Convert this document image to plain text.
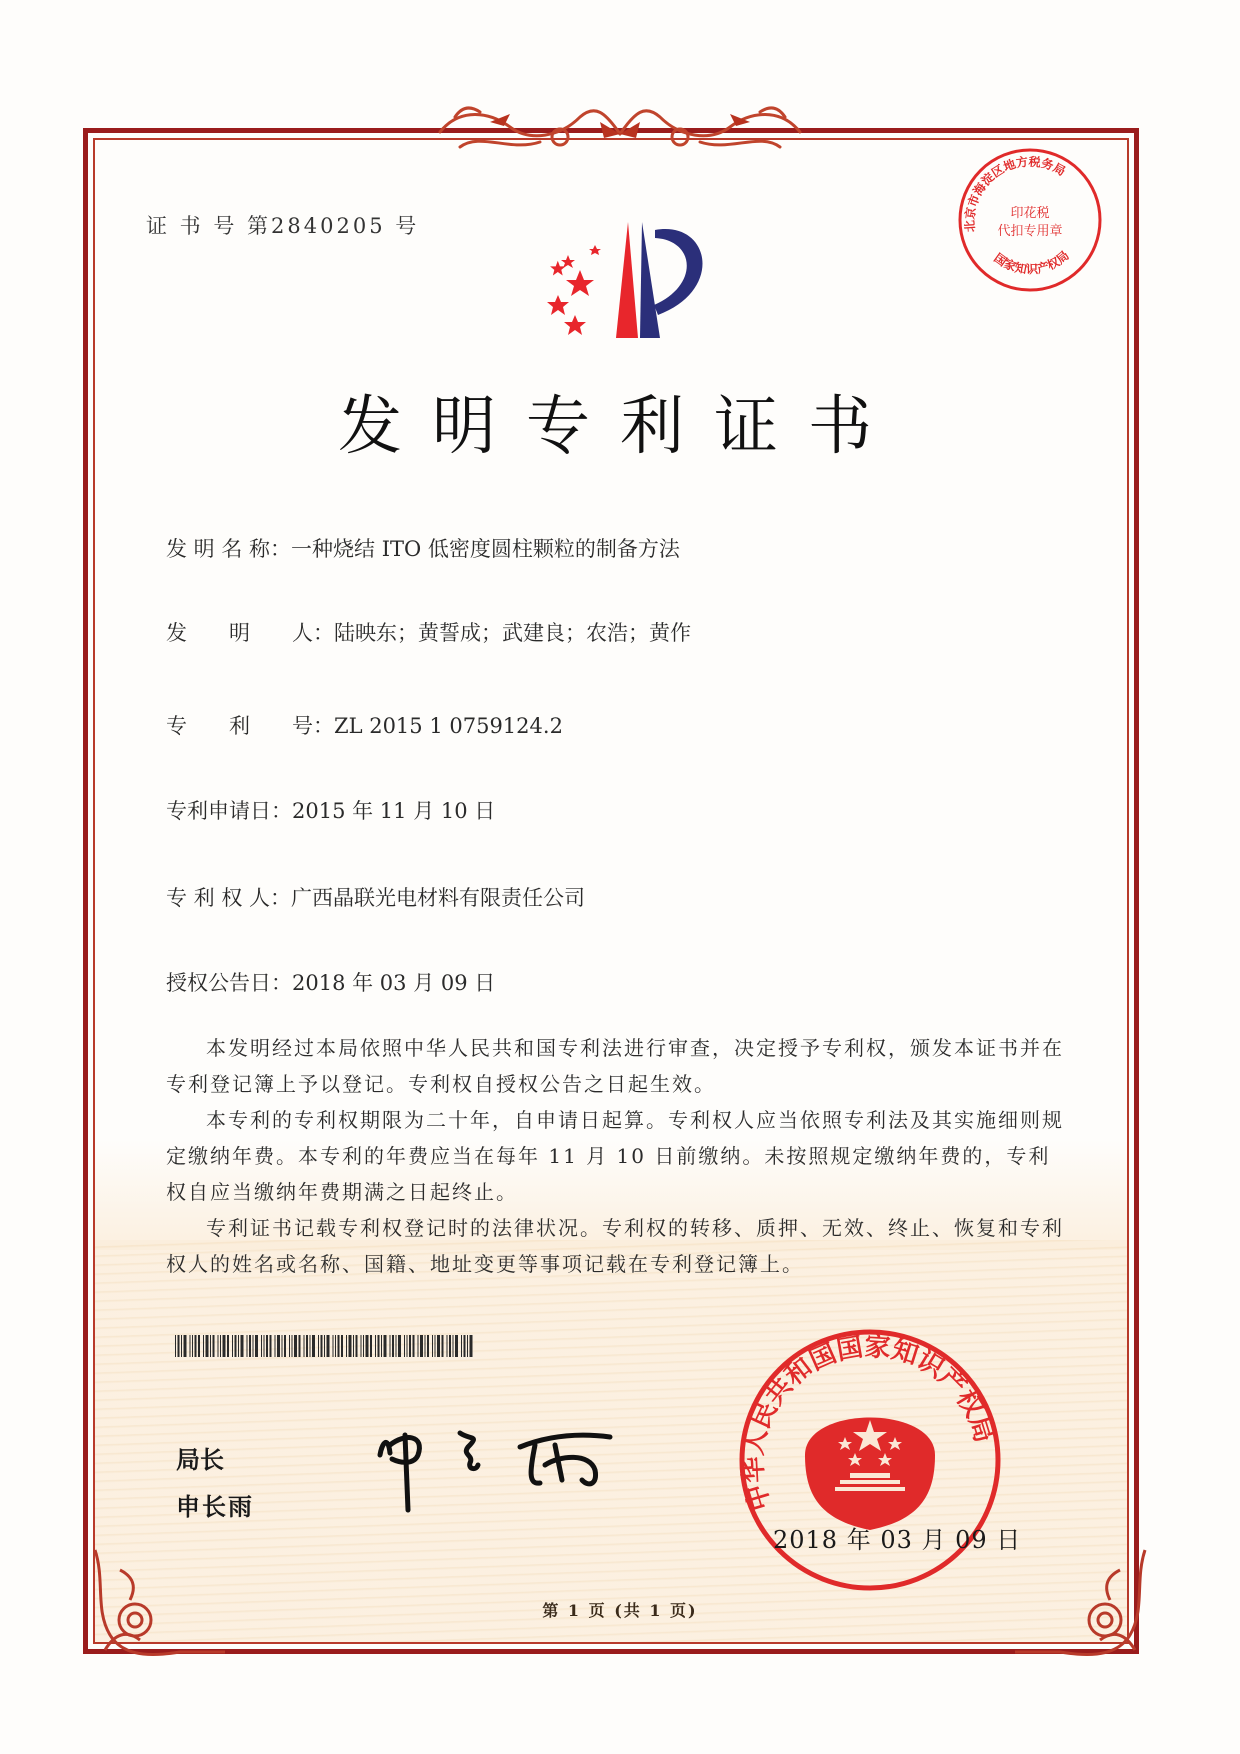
证 书 号 第2840205 号	北京市海淀区地方税务局
国家知识产权局
印花税
代扣专用章
发明专利证书
发 明 名 称：一种烧结 ITO 低密度圆柱颗粒的制备方法
发　　明　　人：陆映东；黄誓成；武建良；农浩；黄作
专　　利　　号：ZL 2015 1 0759124.2
专利申请日：2015 年 11 月 10 日
专 利 权 人：广西晶联光电材料有限责任公司
授权公告日：2018 年 03 月 09 日

本发明经过本局依照中华人民共和国专利法进行审查，决定授予专利权，颁发本证书并在专利登记簿上予以登记。专利权自授权公告之日起生效。

本专利的专利权期限为二十年，自申请日起算。专利权人应当依照专利法及其实施细则规定缴纳年费。本专利的年费应当在每年 11 月 10 日前缴纳。未按照规定缴纳年费的，专利权自应当缴纳年费期满之日起终止。

专利证书记载专利权登记时的法律状况。专利权的转移、质押、无效、终止、恢复和专利权人的姓名或名称、国籍、地址变更等事项记载在专利登记簿上。

局长
申长雨	中华人民共和国国家知识产权局
2018 年 03 月 09 日
第 1 页 (共 1 页)
